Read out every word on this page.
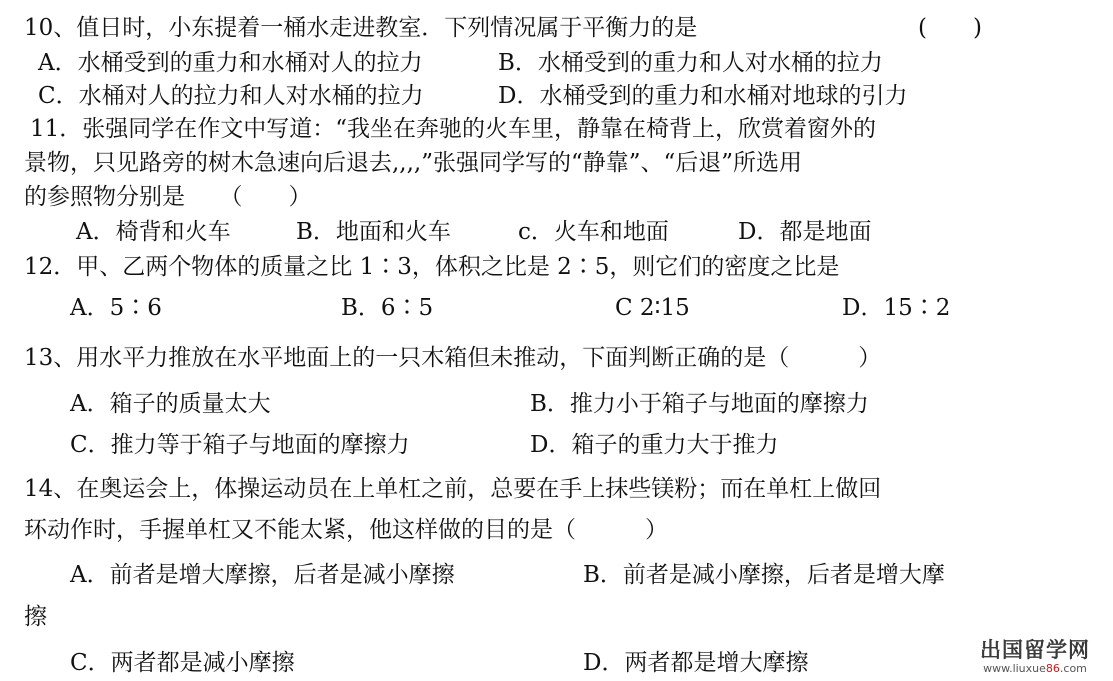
10、值日时，小东提着一桶水走进教室．下列情况属于平衡力的是	(　　)
A．水桶受到的重力和水桶对人的拉力	B．水桶受到的重力和人对水桶的拉力
C．水桶对人的拉力和人对水桶的拉力	D．水桶受到的重力和水桶对地球的引力
11．张强同学在作文中写道：“我坐在奔驰的火车里，静靠在椅背上，欣赏着窗外的
景物，只见路旁的树木急速向后退去,,,,”张强同学写的“静靠”、“后退”所选用
的参照物分别是　　（　　）
A．椅背和火车	B．地面和火车	c．火车和地面	D．都是地面
12．甲、乙两个物体的质量之比 1∶3，体积之比是 2∶5，则它们的密度之比是
A．5∶6	B．6∶5	C 2∶15	D．15∶2
13、用水平力推放在水平地面上的一只木箱但未推动，下面判断正确的是（　　　）
A．箱子的质量太大	B．推力小于箱子与地面的摩擦力
C．推力等于箱子与地面的摩擦力	D．箱子的重力大于推力
14、在奥运会上，体操运动员在上单杠之前，总要在手上抹些镁粉；而在单杠上做回
环动作时，手握单杠又不能太紧，他这样做的目的是（　　　）
A．前者是增大摩擦，后者是减小摩擦	B．前者是减小摩擦，后者是增大摩
擦
C．两者都是减小摩擦	D．两者都是增大摩擦	出国留学网
www.liuxue86.com
